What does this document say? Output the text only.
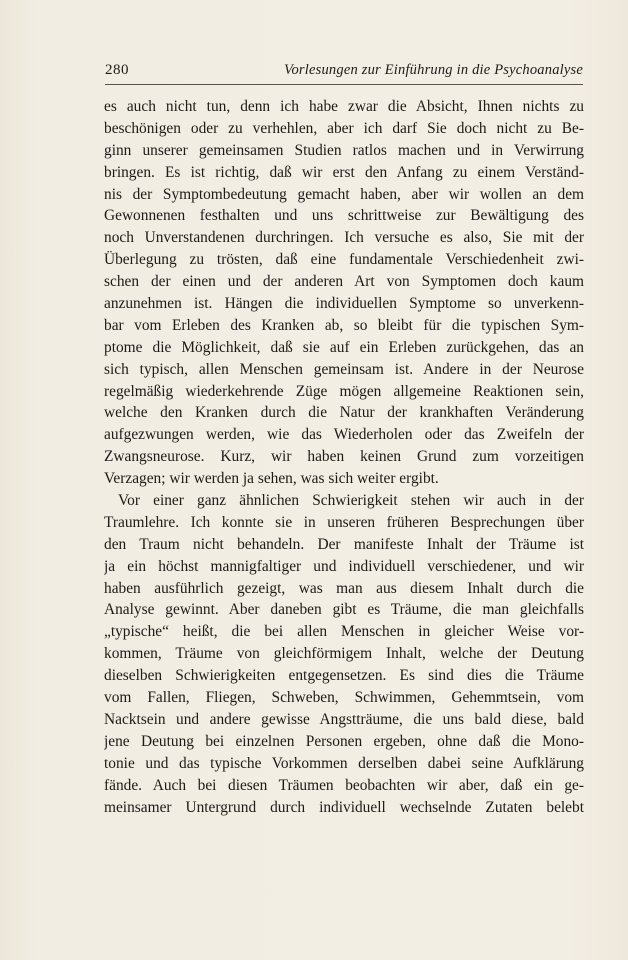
280	Vorlesungen zur Einführung in die Psychoanalyse
es auch nicht tun, denn ich habe zwar die Absicht, Ihnen nichts zu
beschönigen oder zu verhehlen, aber ich darf Sie doch nicht zu Be-
ginn unserer gemeinsamen Studien ratlos machen und in Verwirrung
bringen. Es ist richtig, daß wir erst den Anfang zu einem Verständ-
nis der Symptombedeutung gemacht haben, aber wir wollen an dem
Gewonnenen festhalten und uns schrittweise zur Bewältigung des
noch Unverstandenen durchringen. Ich versuche es also, Sie mit der
Überlegung zu trösten, daß eine fundamentale Verschiedenheit zwi-
schen der einen und der anderen Art von Symptomen doch kaum
anzunehmen ist. Hängen die individuellen Symptome so unverkenn-
bar vom Erleben des Kranken ab, so bleibt für die typischen Sym-
ptome die Möglichkeit, daß sie auf ein Erleben zurückgehen, das an
sich typisch, allen Menschen gemeinsam ist. Andere in der Neurose
regelmäßig wiederkehrende Züge mögen allgemeine Reaktionen sein,
welche den Kranken durch die Natur der krankhaften Veränderung
aufgezwungen werden, wie das Wiederholen oder das Zweifeln der
Zwangsneurose. Kurz, wir haben keinen Grund zum vorzeitigen
Verzagen; wir werden ja sehen, was sich weiter ergibt.
Vor einer ganz ähnlichen Schwierigkeit stehen wir auch in der
Traumlehre. Ich konnte sie in unseren früheren Besprechungen über
den Traum nicht behandeln. Der manifeste Inhalt der Träume ist
ja ein höchst mannigfaltiger und individuell verschiedener, und wir
haben ausführlich gezeigt, was man aus diesem Inhalt durch die
Analyse gewinnt. Aber daneben gibt es Träume, die man gleichfalls
„typische“ heißt, die bei allen Menschen in gleicher Weise vor-
kommen, Träume von gleichförmigem Inhalt, welche der Deutung
dieselben Schwierigkeiten entgegensetzen. Es sind dies die Träume
vom Fallen, Fliegen, Schweben, Schwimmen, Gehemmtsein, vom
Nacktsein und andere gewisse Angstträume, die uns bald diese, bald
jene Deutung bei einzelnen Personen ergeben, ohne daß die Mono-
tonie und das typische Vorkommen derselben dabei seine Aufklärung
fände. Auch bei diesen Träumen beobachten wir aber, daß ein ge-
meinsamer Untergrund durch individuell wechselnde Zutaten belebt
